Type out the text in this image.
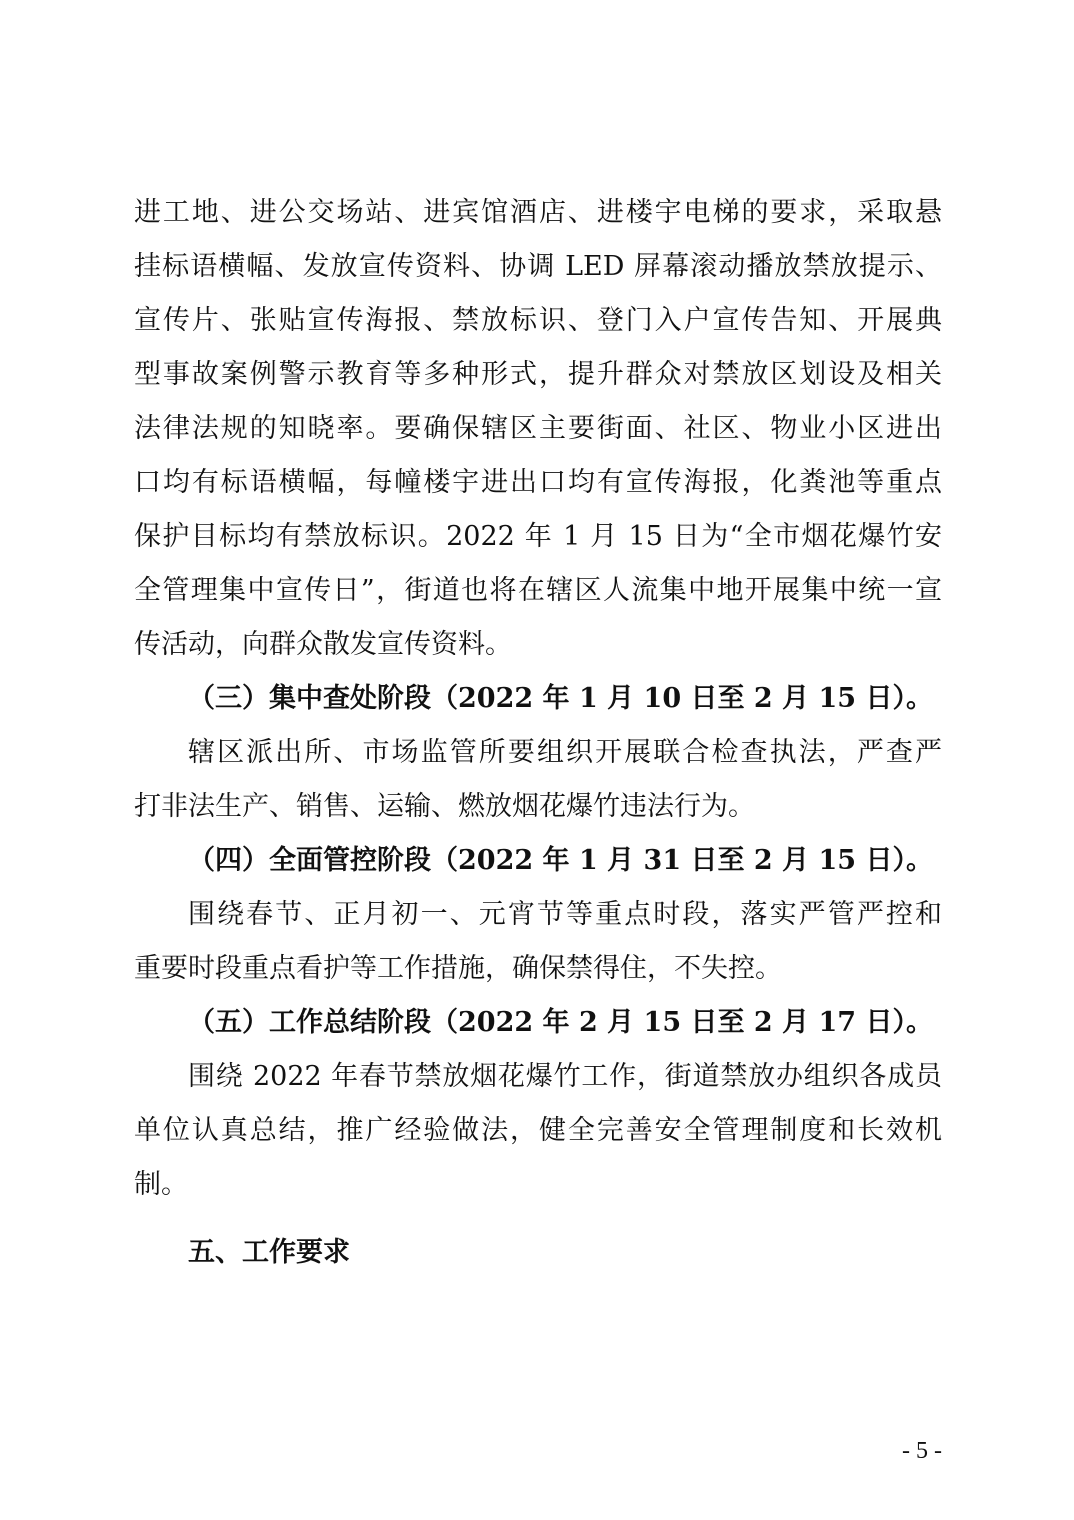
进工地、进公交场站、进宾馆酒店、进楼宇电梯的要求，采取悬
挂标语横幅、发放宣传资料、协调 LED 屏幕滚动播放禁放提示、
宣传片、张贴宣传海报、禁放标识、登门入户宣传告知、开展典
型事故案例警示教育等多种形式，提升群众对禁放区划设及相关
法律法规的知晓率。要确保辖区主要街面、社区、物业小区进出
口均有标语横幅，每幢楼宇进出口均有宣传海报，化粪池等重点
保护目标均有禁放标识。2022 年 1 月 15 日为“全市烟花爆竹安
全管理集中宣传日”，街道也将在辖区人流集中地开展集中统一宣
传活动，向群众散发宣传资料。
（三）集中查处阶段（2022 年 1 月 10 日至 2 月 15 日）。
辖区派出所、市场监管所要组织开展联合检查执法，严查严
打非法生产、销售、运输、燃放烟花爆竹违法行为。
（四）全面管控阶段（2022 年 1 月 31 日至 2 月 15 日）。
围绕春节、正月初一、元宵节等重点时段，落实严管严控和
重要时段重点看护等工作措施，确保禁得住，不失控。
（五）工作总结阶段（2022 年 2 月 15 日至 2 月 17 日）。
围绕 2022 年春节禁放烟花爆竹工作，街道禁放办组织各成员
单位认真总结，推广经验做法，健全完善安全管理制度和长效机
制。
五、工作要求
- 5 -
